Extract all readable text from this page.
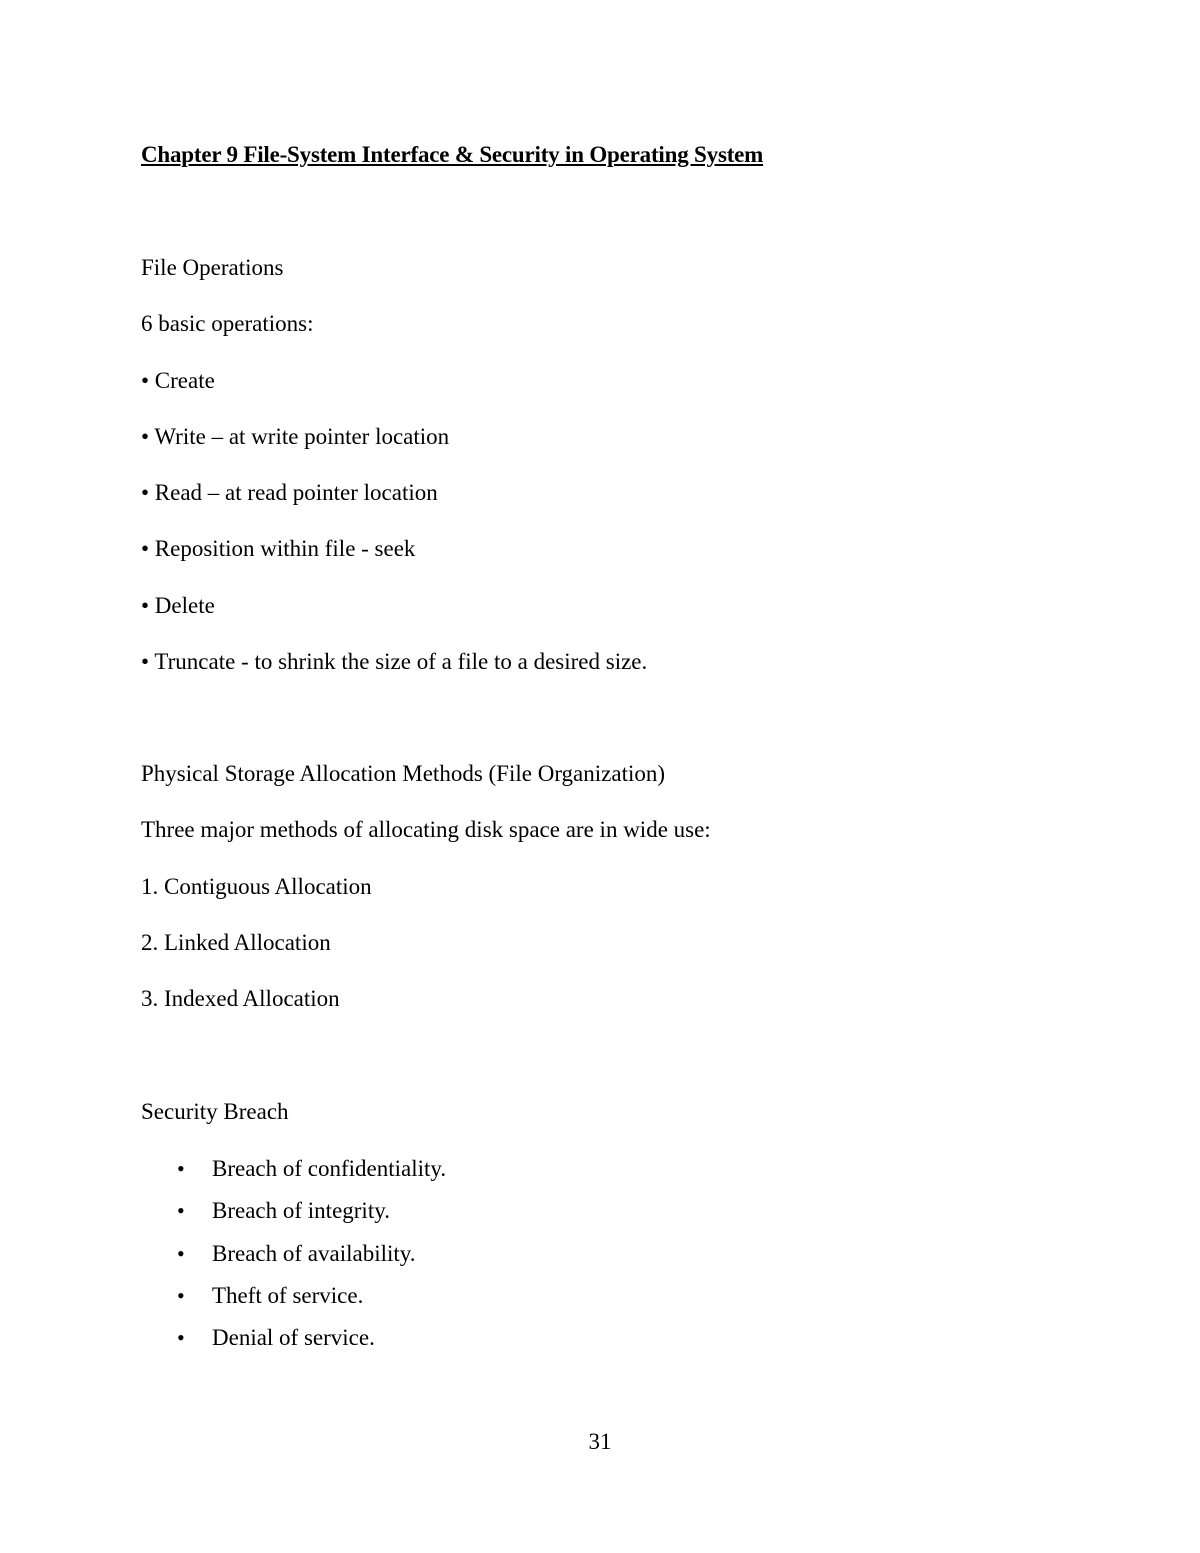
Chapter 9 File-System Interface & Security in Operating System
File Operations
6 basic operations:
• Create
• Write – at write pointer location
• Read – at read pointer location
• Reposition within file - seek
• Delete
• Truncate - to shrink the size of a file to a desired size.
Physical Storage Allocation Methods (File Organization)
Three major methods of allocating disk space are in wide use:
1. Contiguous Allocation
2. Linked Allocation
3. Indexed Allocation
Security Breach
• Breach of confidentiality.
• Breach of integrity.
• Breach of availability.
• Theft of service.
• Denial of service.
31
